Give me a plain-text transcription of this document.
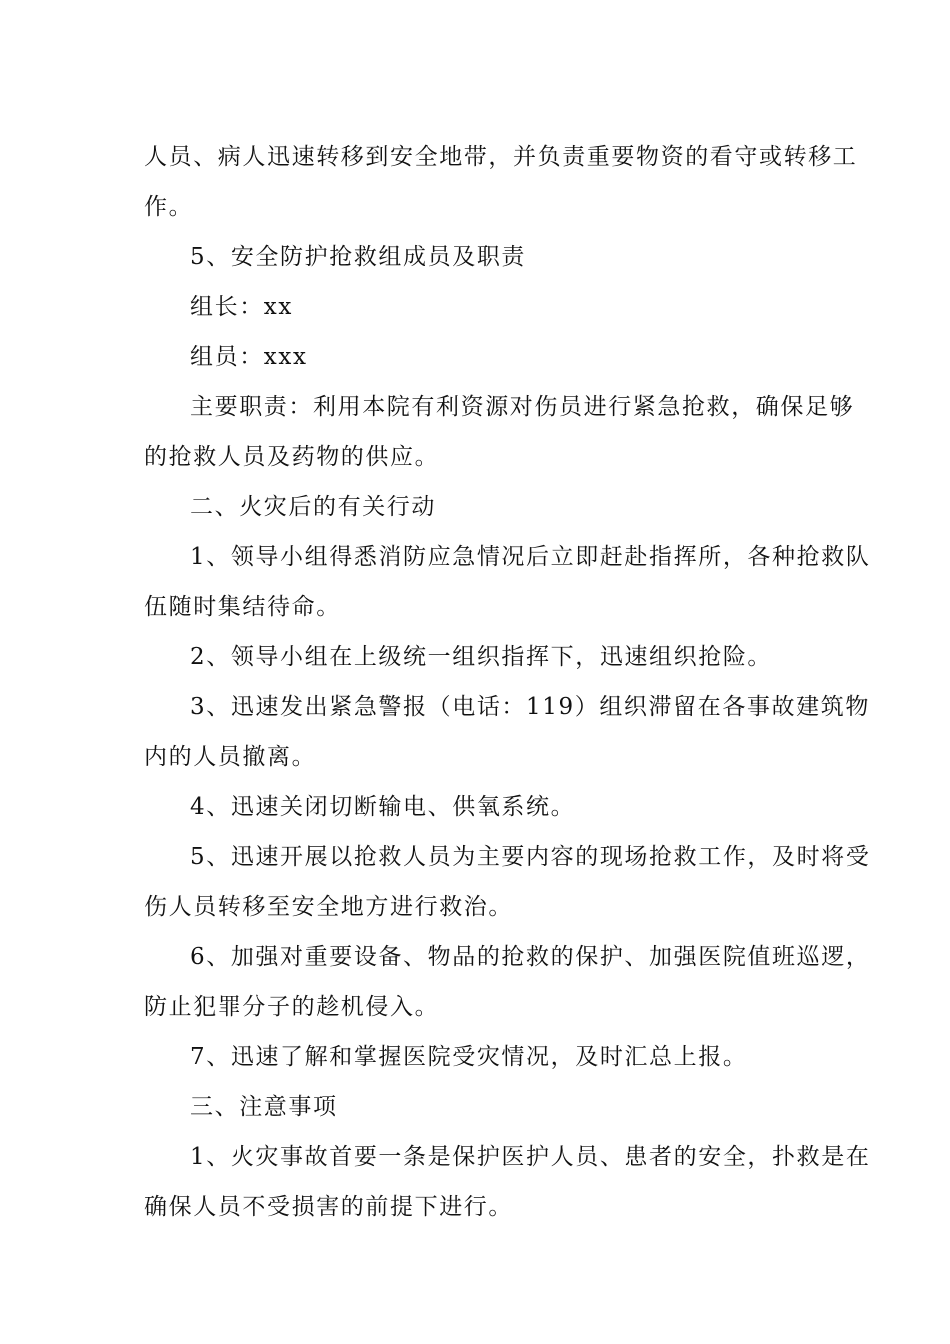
人员、病人迅速转移到安全地带，并负责重要物资的看守或转移工

作。

5、安全防护抢救组成员及职责

组长：xx

组员：xxx

主要职责：利用本院有利资源对伤员进行紧急抢救，确保足够

的抢救人员及药物的供应。

二、火灾后的有关行动

1、领导小组得悉消防应急情况后立即赶赴指挥所，各种抢救队

伍随时集结待命。

2、领导小组在上级统一组织指挥下，迅速组织抢险。

3、迅速发出紧急警报（电话：119）组织滞留在各事故建筑物

内的人员撤离。

4、迅速关闭切断输电、供氧系统。

5、迅速开展以抢救人员为主要内容的现场抢救工作，及时将受

伤人员转移至安全地方进行救治。

6、加强对重要设备、物品的抢救的保护、加强医院值班巡逻，

防止犯罪分子的趁机侵入。

7、迅速了解和掌握医院受灾情况，及时汇总上报。

三、注意事项

1、火灾事故首要一条是保护医护人员、患者的安全，扑救是在

确保人员不受损害的前提下进行。
